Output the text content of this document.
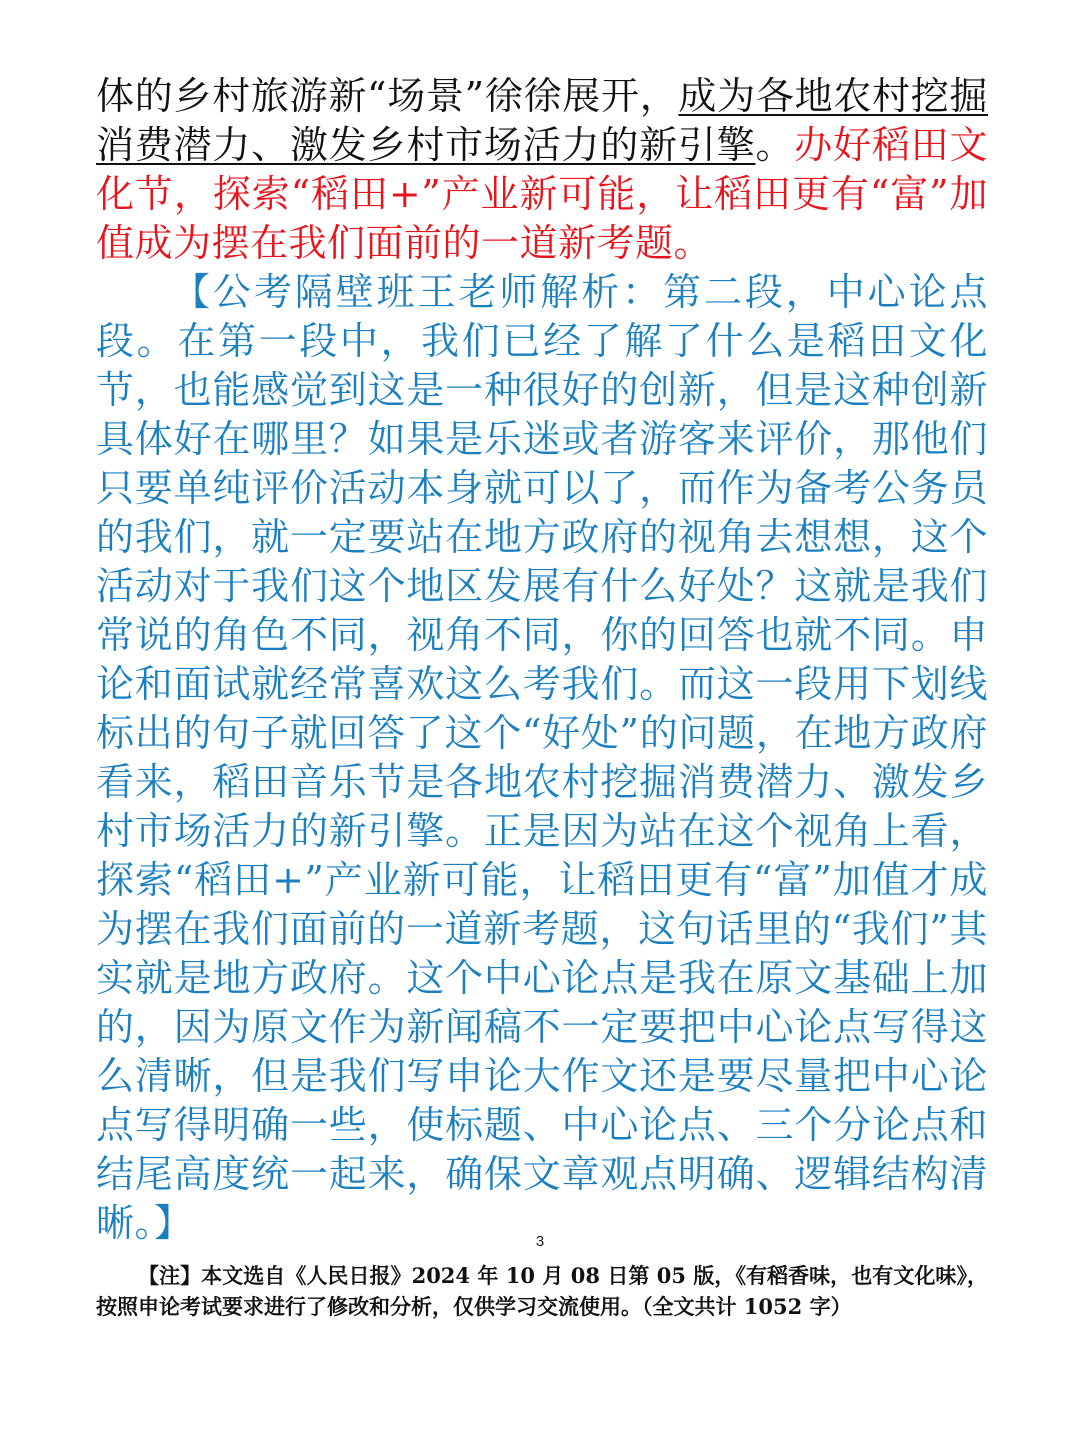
体的乡村旅游新“场景”徐徐展开，成为各地农村挖掘消费潜力、激发乡村市场活力的新引擎。办好稻田文化节，探索“稻田+”产业新可能，让稻田更有“富”加值成为摆在我们面前的一道新考题。

【公考隔壁班王老师解析：第二段，中心论点段。在第一段中，我们已经了解了什么是稻田文化节，也能感觉到这是一种很好的创新，但是这种创新具体好在哪里？如果是乐迷或者游客来评价，那他们只要单纯评价活动本身就可以了，而作为备考公务员的我们，就一定要站在地方政府的视角去想想，这个活动对于我们这个地区发展有什么好处？这就是我们常说的角色不同，视角不同，你的回答也就不同。申论和面试就经常喜欢这么考我们。而这一段用下划线标出的句子就回答了这个“好处”的问题，在地方政府看来，稻田音乐节是各地农村挖掘消费潜力、激发乡村市场活力的新引擎。正是因为站在这个视角上看，探索“稻田+”产业新可能，让稻田更有“富”加值才成为摆在我们面前的一道新考题，这句话里的“我们”其实就是地方政府。这个中心论点是我在原文基础上加的，因为原文作为新闻稿不一定要把中心论点写得这么清晰，但是我们写申论大作文还是要尽量把中心论点写得明确一些，使标题、中心论点、三个分论点和结尾高度统一起来，确保文章观点明确、逻辑结构清晰。】	3

【注】本文选自《人民日报》2024 年 10 月 08 日第 05 版，《有稻香味，也有文化味》，按照申论考试要求进行了修改和分析，仅供学习交流使用。（全文共计 1052 字）
